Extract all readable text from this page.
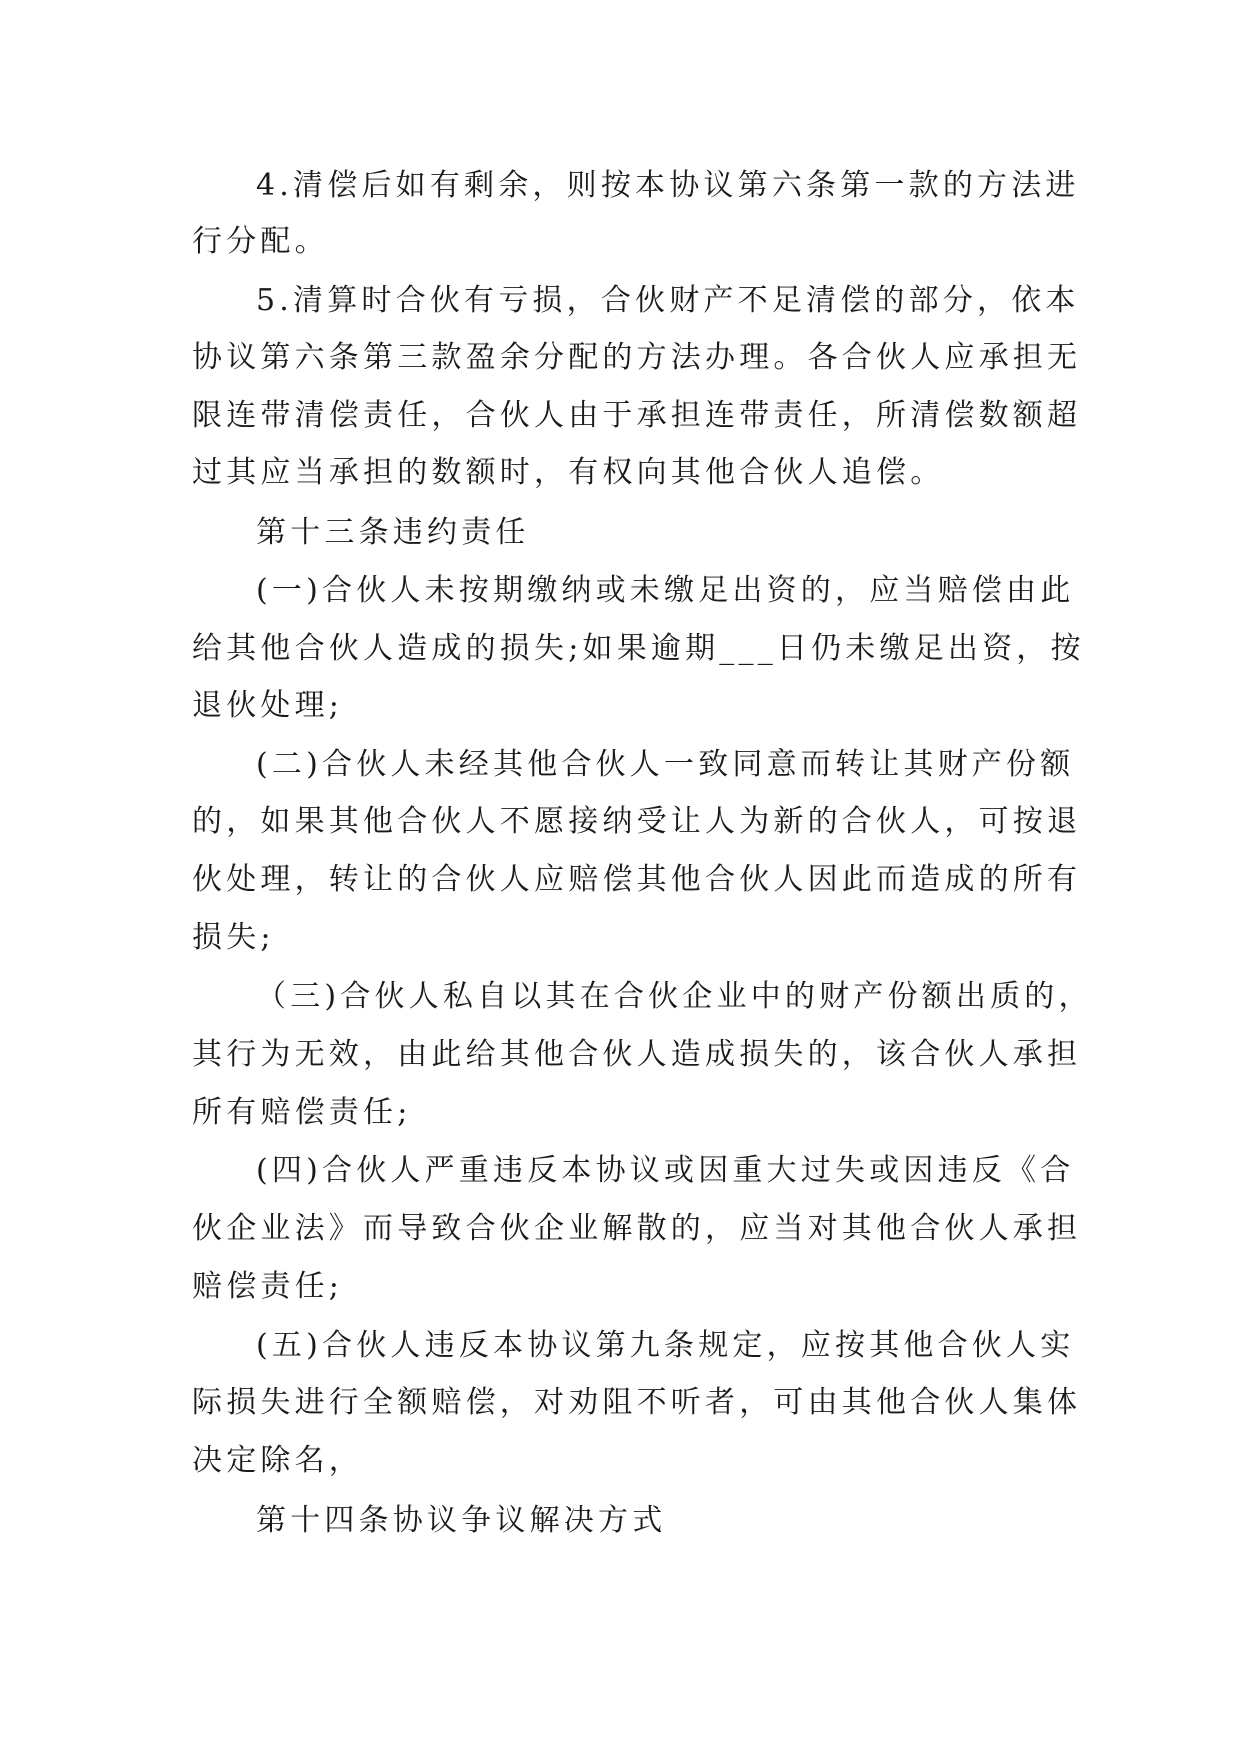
4.清偿后如有剩余，则按本协议第六条第一款的方法进
行分配。
5.清算时合伙有亏损，合伙财产不足清偿的部分，依本
协议第六条第三款盈余分配的方法办理。各合伙人应承担无
限连带清偿责任，合伙人由于承担连带责任，所清偿数额超
过其应当承担的数额时，有权向其他合伙人追偿。
第十三条违约责任
(一)合伙人未按期缴纳或未缴足出资的，应当赔偿由此
给其他合伙人造成的损失;如果逾期___日仍未缴足出资，按
退伙处理;
(二)合伙人未经其他合伙人一致同意而转让其财产份额
的，如果其他合伙人不愿接纳受让人为新的合伙人，可按退
伙处理，转让的合伙人应赔偿其他合伙人因此而造成的所有
损失;
（三)合伙人私自以其在合伙企业中的财产份额出质的，
其行为无效，由此给其他合伙人造成损失的，该合伙人承担
所有赔偿责任;
(四)合伙人严重违反本协议或因重大过失或因违反《合
伙企业法》而导致合伙企业解散的，应当对其他合伙人承担
赔偿责任;
(五)合伙人违反本协议第九条规定，应按其他合伙人实
际损失进行全额赔偿，对劝阻不听者，可由其他合伙人集体
决定除名，
第十四条协议争议解决方式
